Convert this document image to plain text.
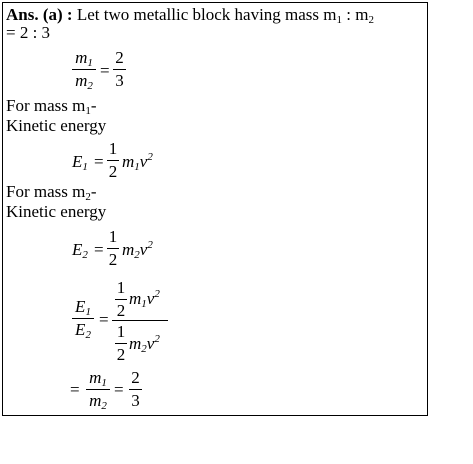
Ans. (a) : Let two metallic block having mass $m_1$ : $m_2$
= 2 : 3
$m_1$
$m_2$
=
2
3
For mass $m_1-$
Kinetic energy
$E_1$ =
1
2
$m_1v^2$
For mass $m_2-$
Kinetic energy
$E_2$ =
1
2
$m_2v^2$
$E_1$
$E_2$
=
1
2
$m_1v^2$
1
2
$m_2v^2$
=
$m_1$
$m_2$
=
2
3
